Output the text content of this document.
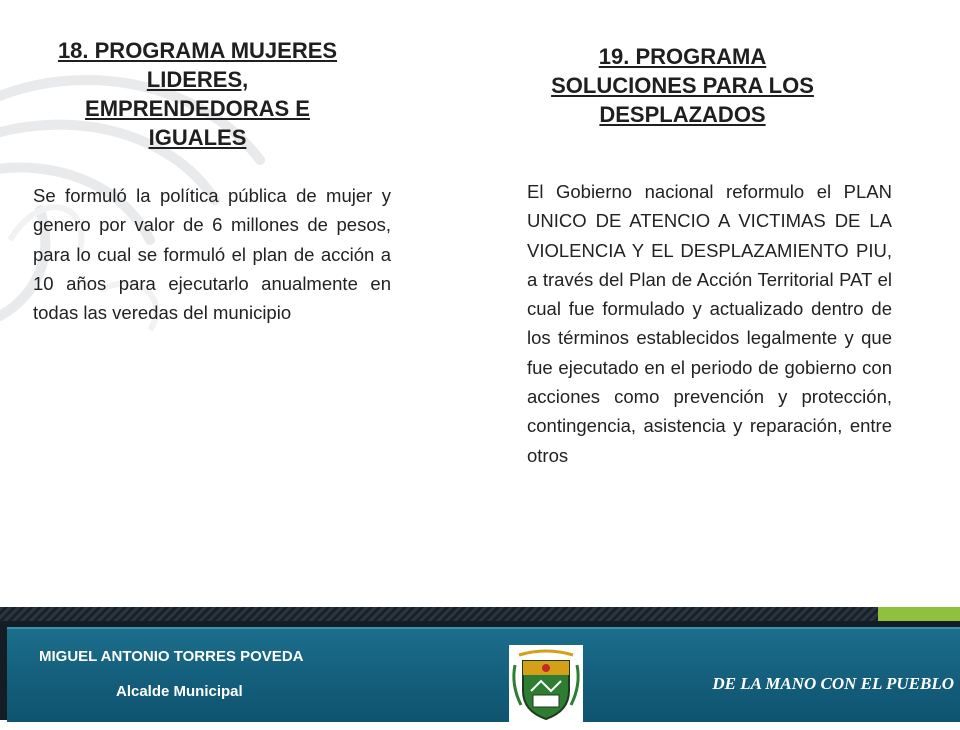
18. PROGRAMA MUJERES
LIDERES,
EMPRENDEDORAS E
IGUALES

Se formuló la política pública de mujer y genero por valor de 6 millones de pesos, para lo cual se formuló el plan de acción a 10 años para ejecutarlo anualmente en todas las veredas del municipio

19. PROGRAMA
SOLUCIONES PARA LOS
DESPLAZADOS

El Gobierno nacional reformulo el PLAN UNICO DE ATENCIO A VICTIMAS DE LA VIOLENCIA Y EL DESPLAZAMIENTO PIU, a través del Plan de Acción Territorial PAT el cual fue formulado y actualizado dentro de los términos establecidos legalmente y que fue ejecutado en el periodo de gobierno con acciones como prevención y protección, contingencia, asistencia y reparación, entre otros

MIGUEL ANTONIO TORRES POVEDA

Alcalde Municipal	DE LA MANO CON EL PUEBLO
